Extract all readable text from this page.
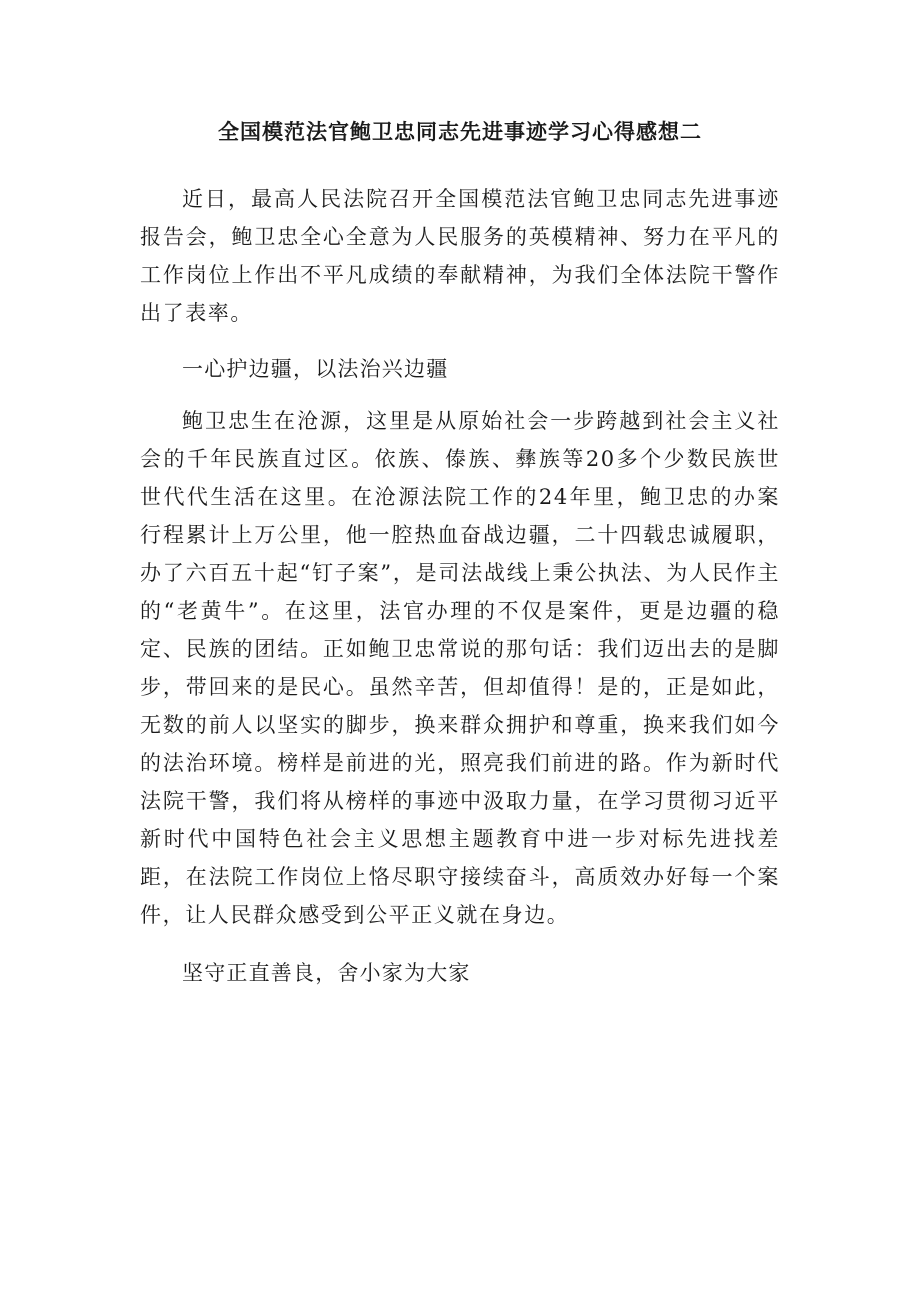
全国模范法官鲍卫忠同志先进事迹学习心得感想二

近日，最高人民法院召开全国模范法官鲍卫忠同志先进事迹报告会，鲍卫忠全心全意为人民服务的英模精神、努力在平凡的工作岗位上作出不平凡成绩的奉献精神，为我们全体法院干警作出了表率。

一心护边疆，以法治兴边疆

鲍卫忠生在沧源，这里是从原始社会一步跨越到社会主义社会的千年民族直过区。依族、傣族、彝族等20多个少数民族世世代代生活在这里。在沧源法院工作的24年里，鲍卫忠的办案行程累计上万公里，他一腔热血奋战边疆，二十四载忠诚履职，办了六百五十起“钉子案”，是司法战线上秉公执法、为人民作主的“老黄牛”。在这里，法官办理的不仅是案件，更是边疆的稳定、民族的团结。正如鲍卫忠常说的那句话：我们迈出去的是脚步，带回来的是民心。虽然辛苦，但却值得！是的，正是如此，无数的前人以坚实的脚步，换来群众拥护和尊重，换来我们如今的法治环境。榜样是前进的光，照亮我们前进的路。作为新时代法院干警，我们将从榜样的事迹中汲取力量，在学习贯彻习近平新时代中国特色社会主义思想主题教育中进一步对标先进找差距，在法院工作岗位上恪尽职守接续奋斗，高质效办好每一个案件，让人民群众感受到公平正义就在身边。

坚守正直善良，舍小家为大家
